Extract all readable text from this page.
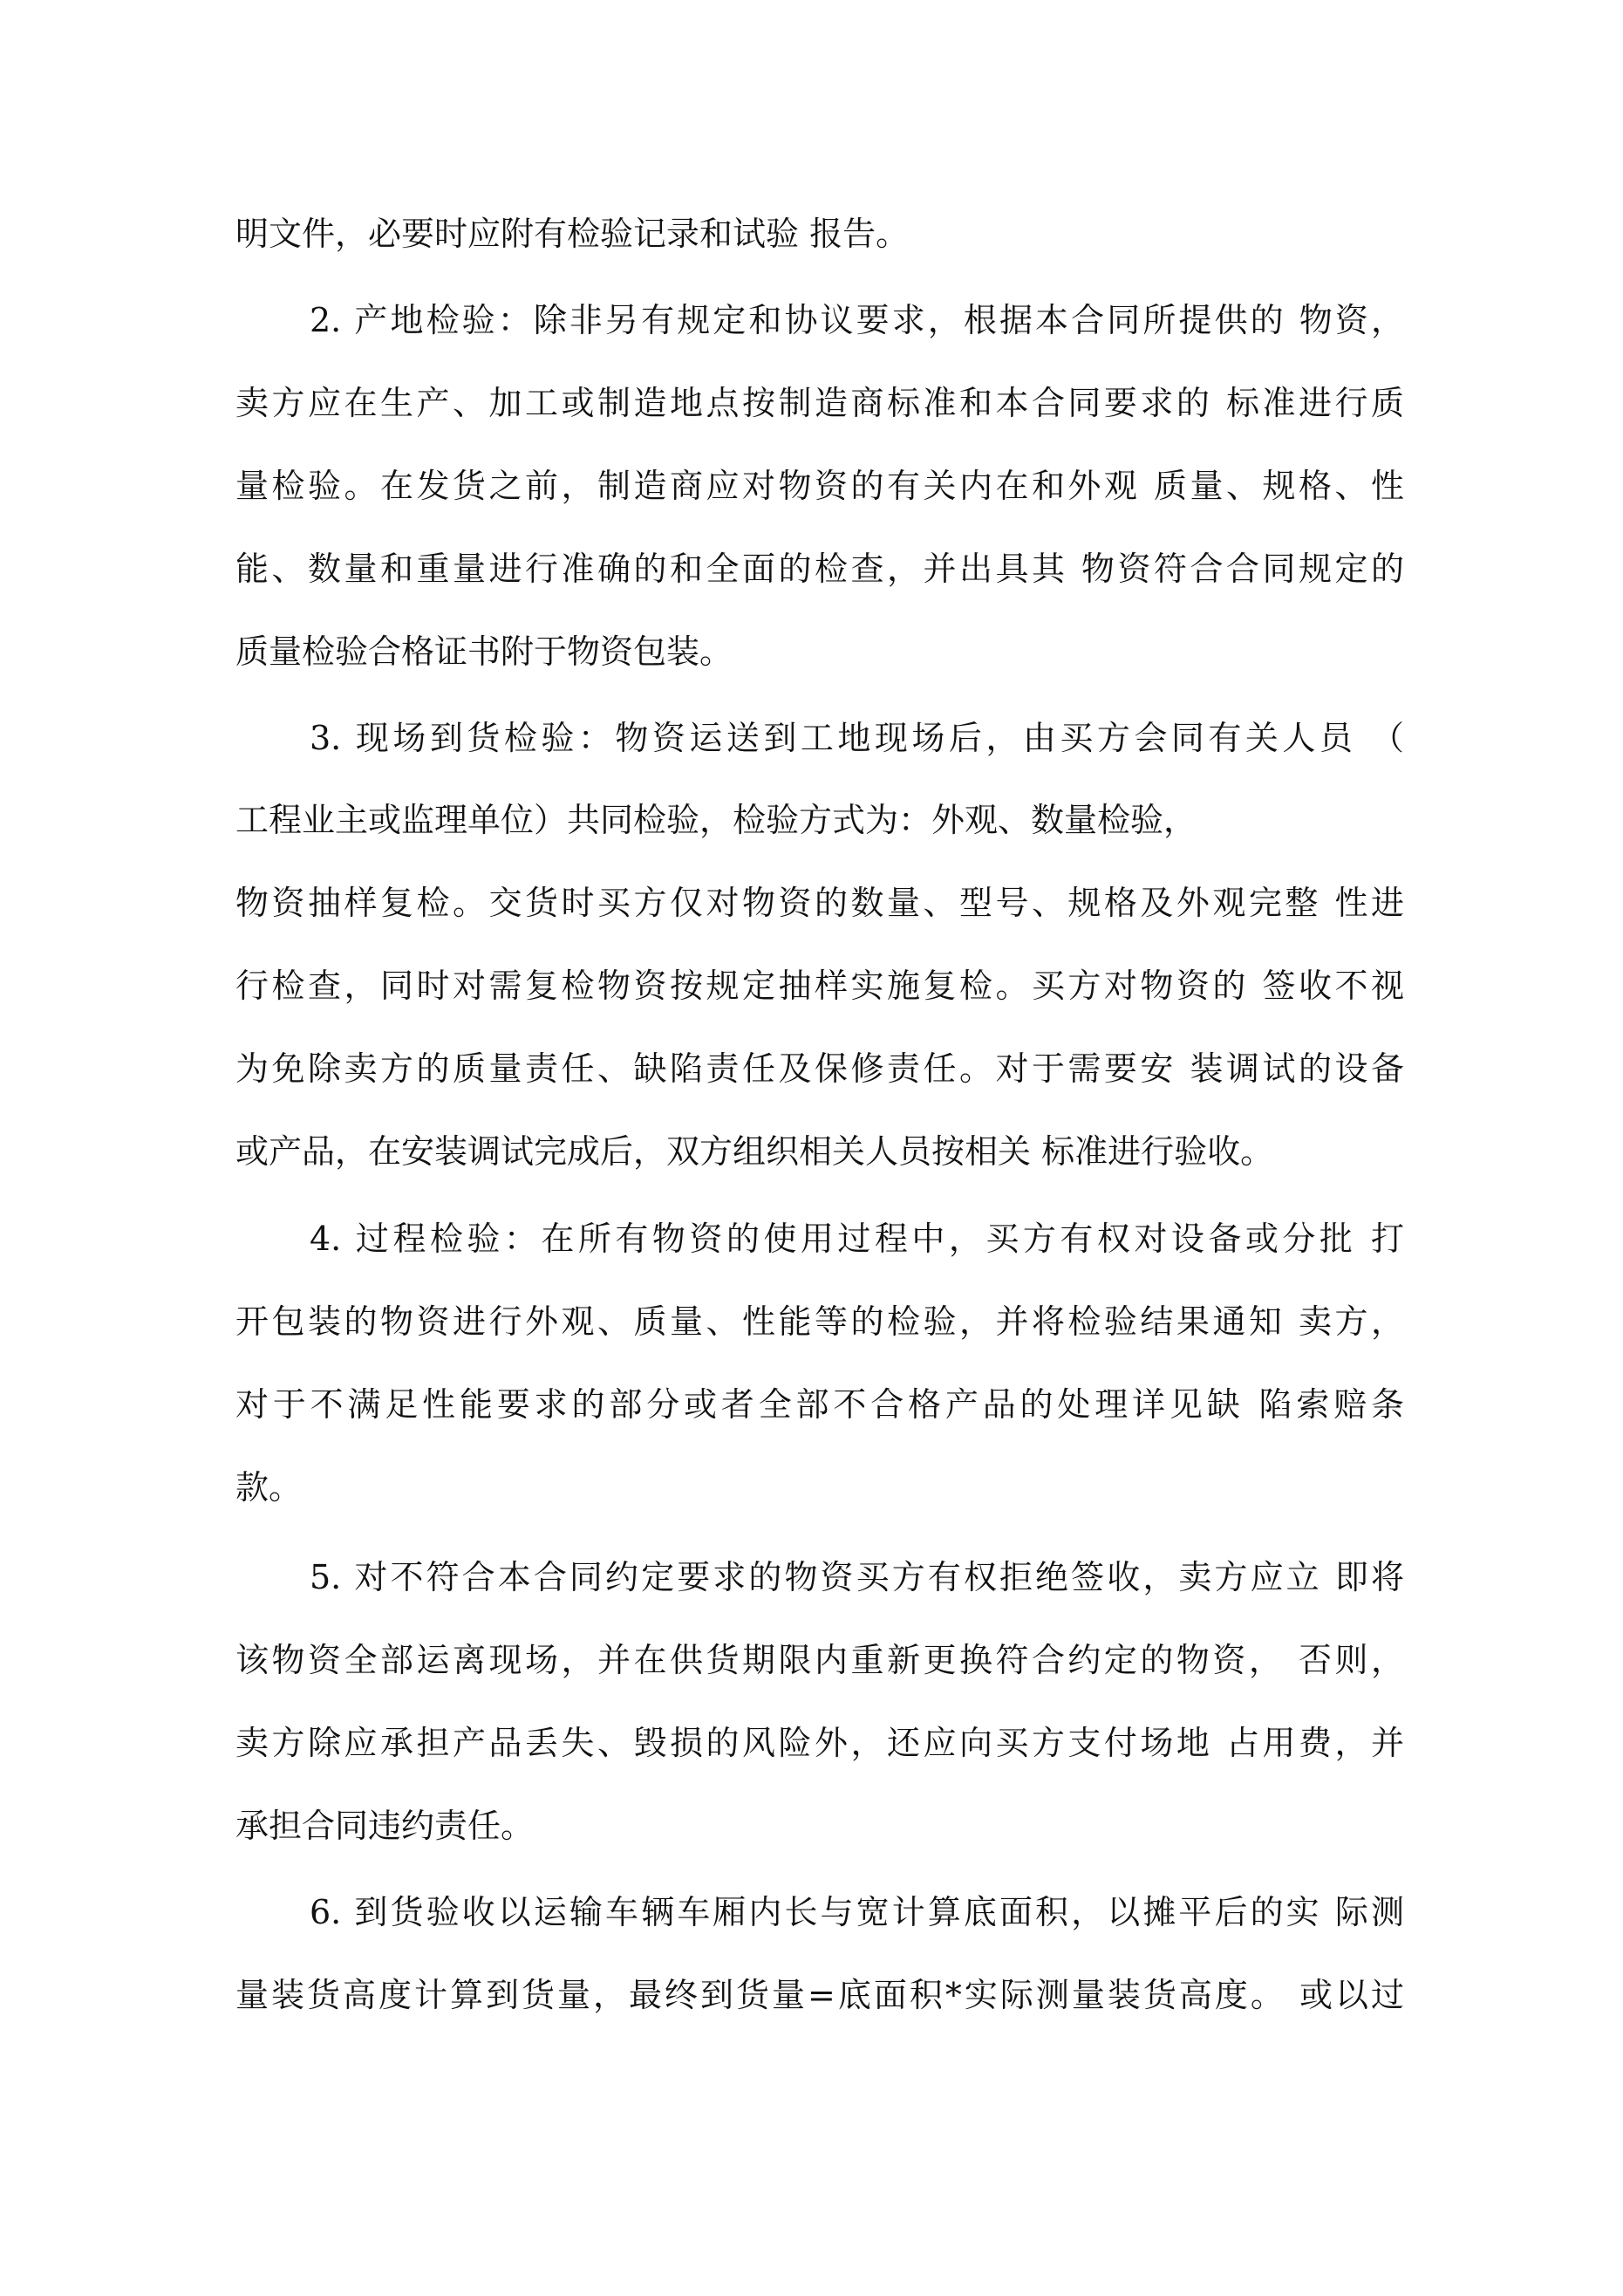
明文件，必要时应附有检验记录和试验 报告。
2. 产地检验：除非另有规定和协议要求，根据本合同所提供的 物资，
卖方应在生产、加工或制造地点按制造商标准和本合同要求的 标准进行质
量检验。在发货之前，制造商应对物资的有关内在和外观 质量、规格、性
能、数量和重量进行准确的和全面的检查，并出具其 物资符合合同规定的
质量检验合格证书附于物资包装。
3. 现场到货检验：物资运送到工地现场后，由买方会同有关人员 （
工程业主或监理单位）共同检验，检验方式为：外观、数量检验，
物资抽样复检。交货时买方仅对物资的数量、型号、规格及外观完整 性进
行检查，同时对需复检物资按规定抽样实施复检。买方对物资的 签收不视
为免除卖方的质量责任、缺陷责任及保修责任。对于需要安 装调试的设备
或产品，在安装调试完成后，双方组织相关人员按相关 标准进行验收。
4. 过程检验：在所有物资的使用过程中，买方有权对设备或分批 打
开包装的物资进行外观、质量、性能等的检验，并将检验结果通知 卖方，
对于不满足性能要求的部分或者全部不合格产品的处理详见缺 陷索赔条
款。
5. 对不符合本合同约定要求的物资买方有权拒绝签收，卖方应立 即将
该物资全部运离现场，并在供货期限内重新更换符合约定的物资， 否则，
卖方除应承担产品丢失、毁损的风险外，还应向买方支付场地 占用费，并
承担合同违约责任。
6. 到货验收以运输车辆车厢内长与宽计算底面积，以摊平后的实 际测
量装货高度计算到货量，最终到货量=底面积*实际测量装货高度。 或以过
